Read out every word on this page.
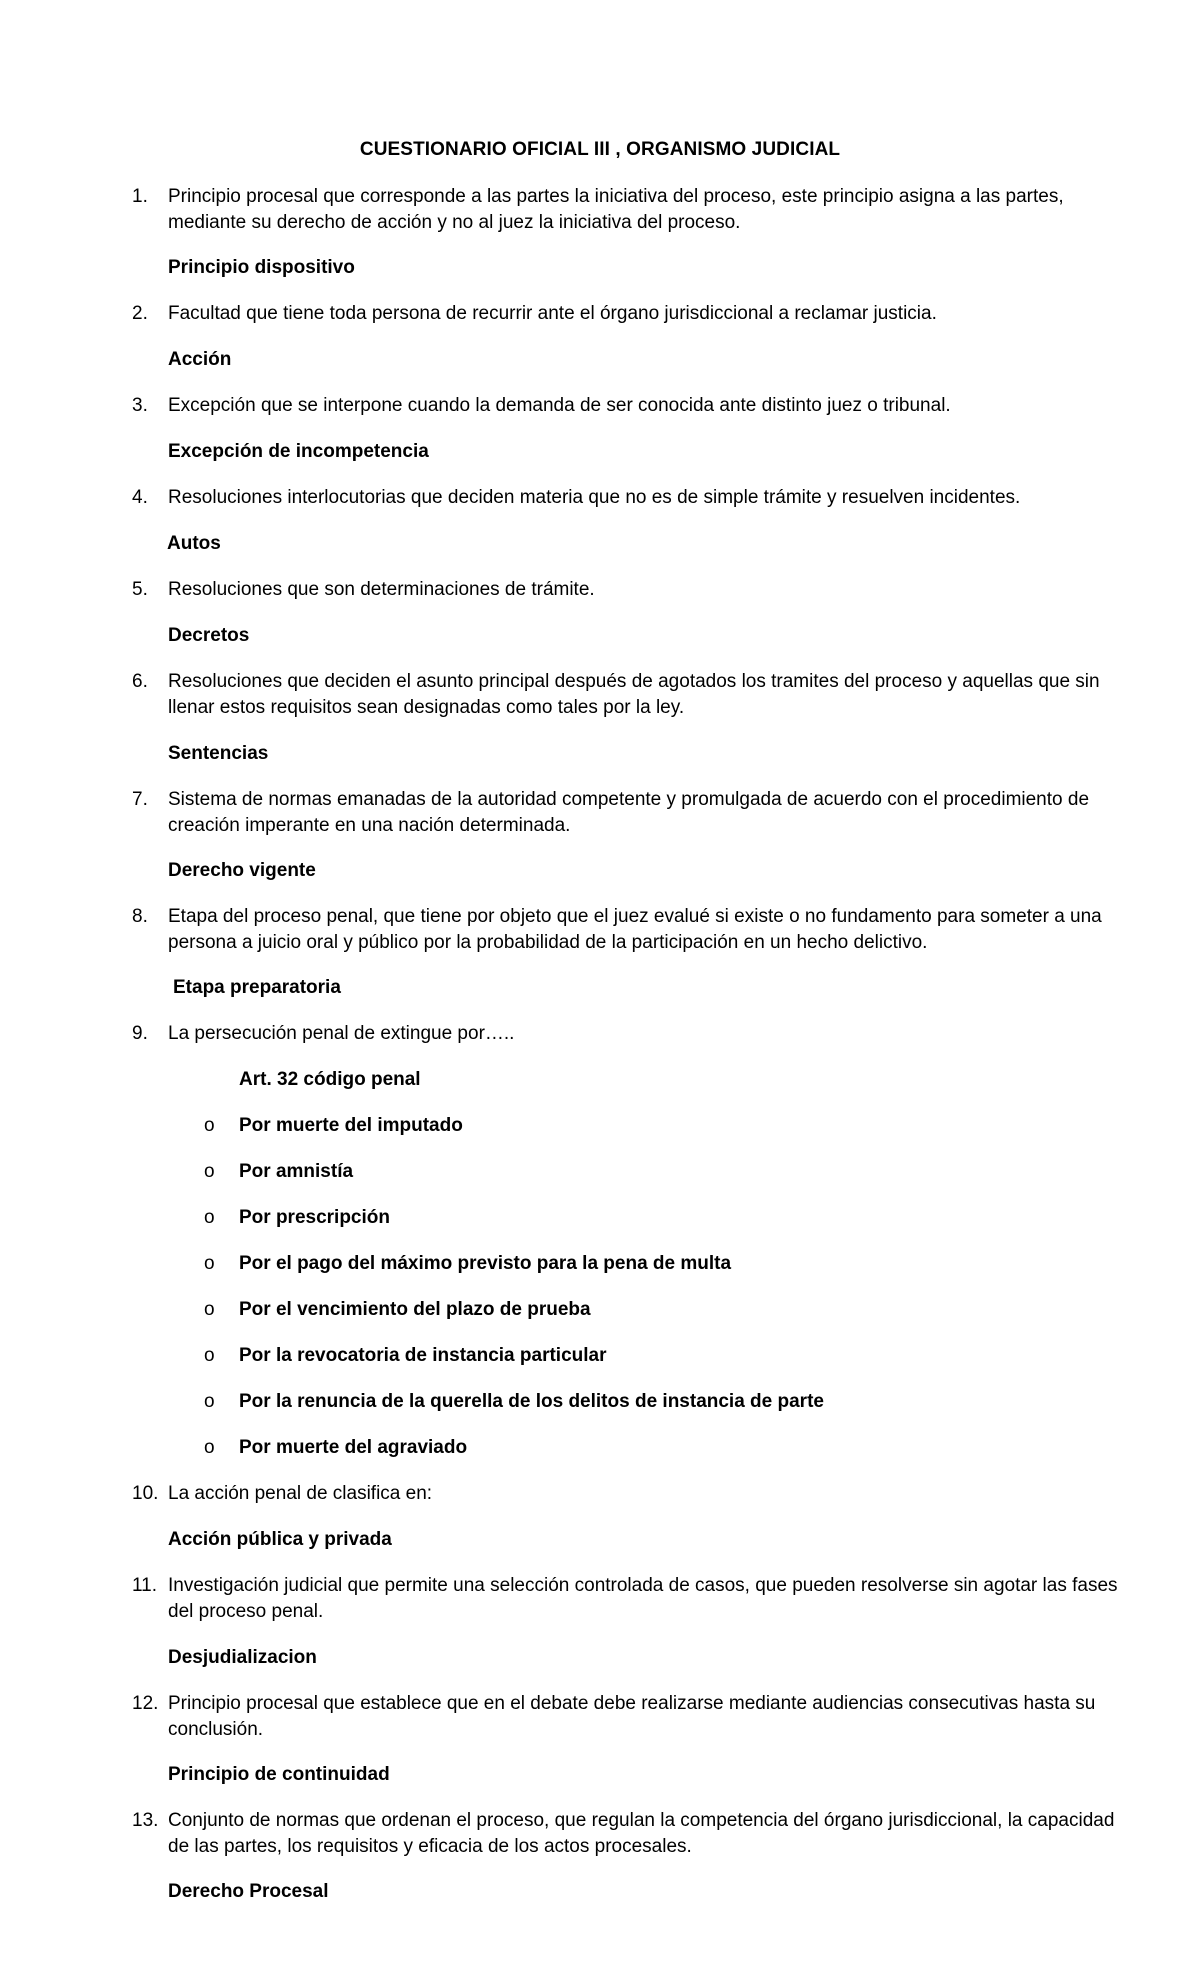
CUESTIONARIO OFICIAL III , ORGANISMO JUDICIAL
1.	Principio procesal que corresponde a las partes la iniciativa del proceso, este principio asigna a las partes, mediante su derecho de acción y no al juez la iniciativa del proceso.
Principio dispositivo
2.	Facultad que tiene toda persona de recurrir ante el órgano jurisdiccional a reclamar justicia.
Acción
3.	Excepción que se interpone cuando la demanda de ser conocida ante distinto juez o tribunal.
Excepción de incompetencia
4.	Resoluciones interlocutorias que deciden materia que no es de simple trámite y resuelven incidentes.
Autos
5.	Resoluciones que son determinaciones de trámite.
Decretos
6.	Resoluciones que deciden el asunto principal después de agotados los tramites del proceso y aquellas que sin llenar estos requisitos sean designadas como tales por la ley.
Sentencias
7.	Sistema de normas emanadas de la autoridad competente y promulgada de acuerdo con el procedimiento de creación imperante en una nación determinada.
Derecho vigente
8.	Etapa del proceso penal, que tiene por objeto que el juez evalué si existe o no fundamento para someter a una persona a juicio oral y público por la probabilidad de la participación en un hecho delictivo.
Etapa preparatoria
9.	La persecución penal de extingue por…..
Art. 32 código penal
o Por muerte del imputado
o Por amnistía
o Por prescripción
o Por el pago del máximo previsto para la pena de multa
o Por el vencimiento del plazo de prueba
o Por la revocatoria de instancia particular
o Por la renuncia de la querella de los delitos de instancia de parte
o Por muerte del agraviado
10. La acción penal de clasifica en:
Acción pública y privada
11. Investigación judicial que permite una selección controlada de casos, que pueden resolverse sin agotar las fases del proceso penal.
Desjudializacion
12. Principio procesal que establece que en el debate debe realizarse mediante audiencias consecutivas hasta su conclusión.
Principio de continuidad
13. Conjunto de normas que ordenan el proceso, que regulan la competencia del órgano jurisdiccional, la capacidad de las partes, los requisitos y eficacia de los actos procesales.
Derecho Procesal
